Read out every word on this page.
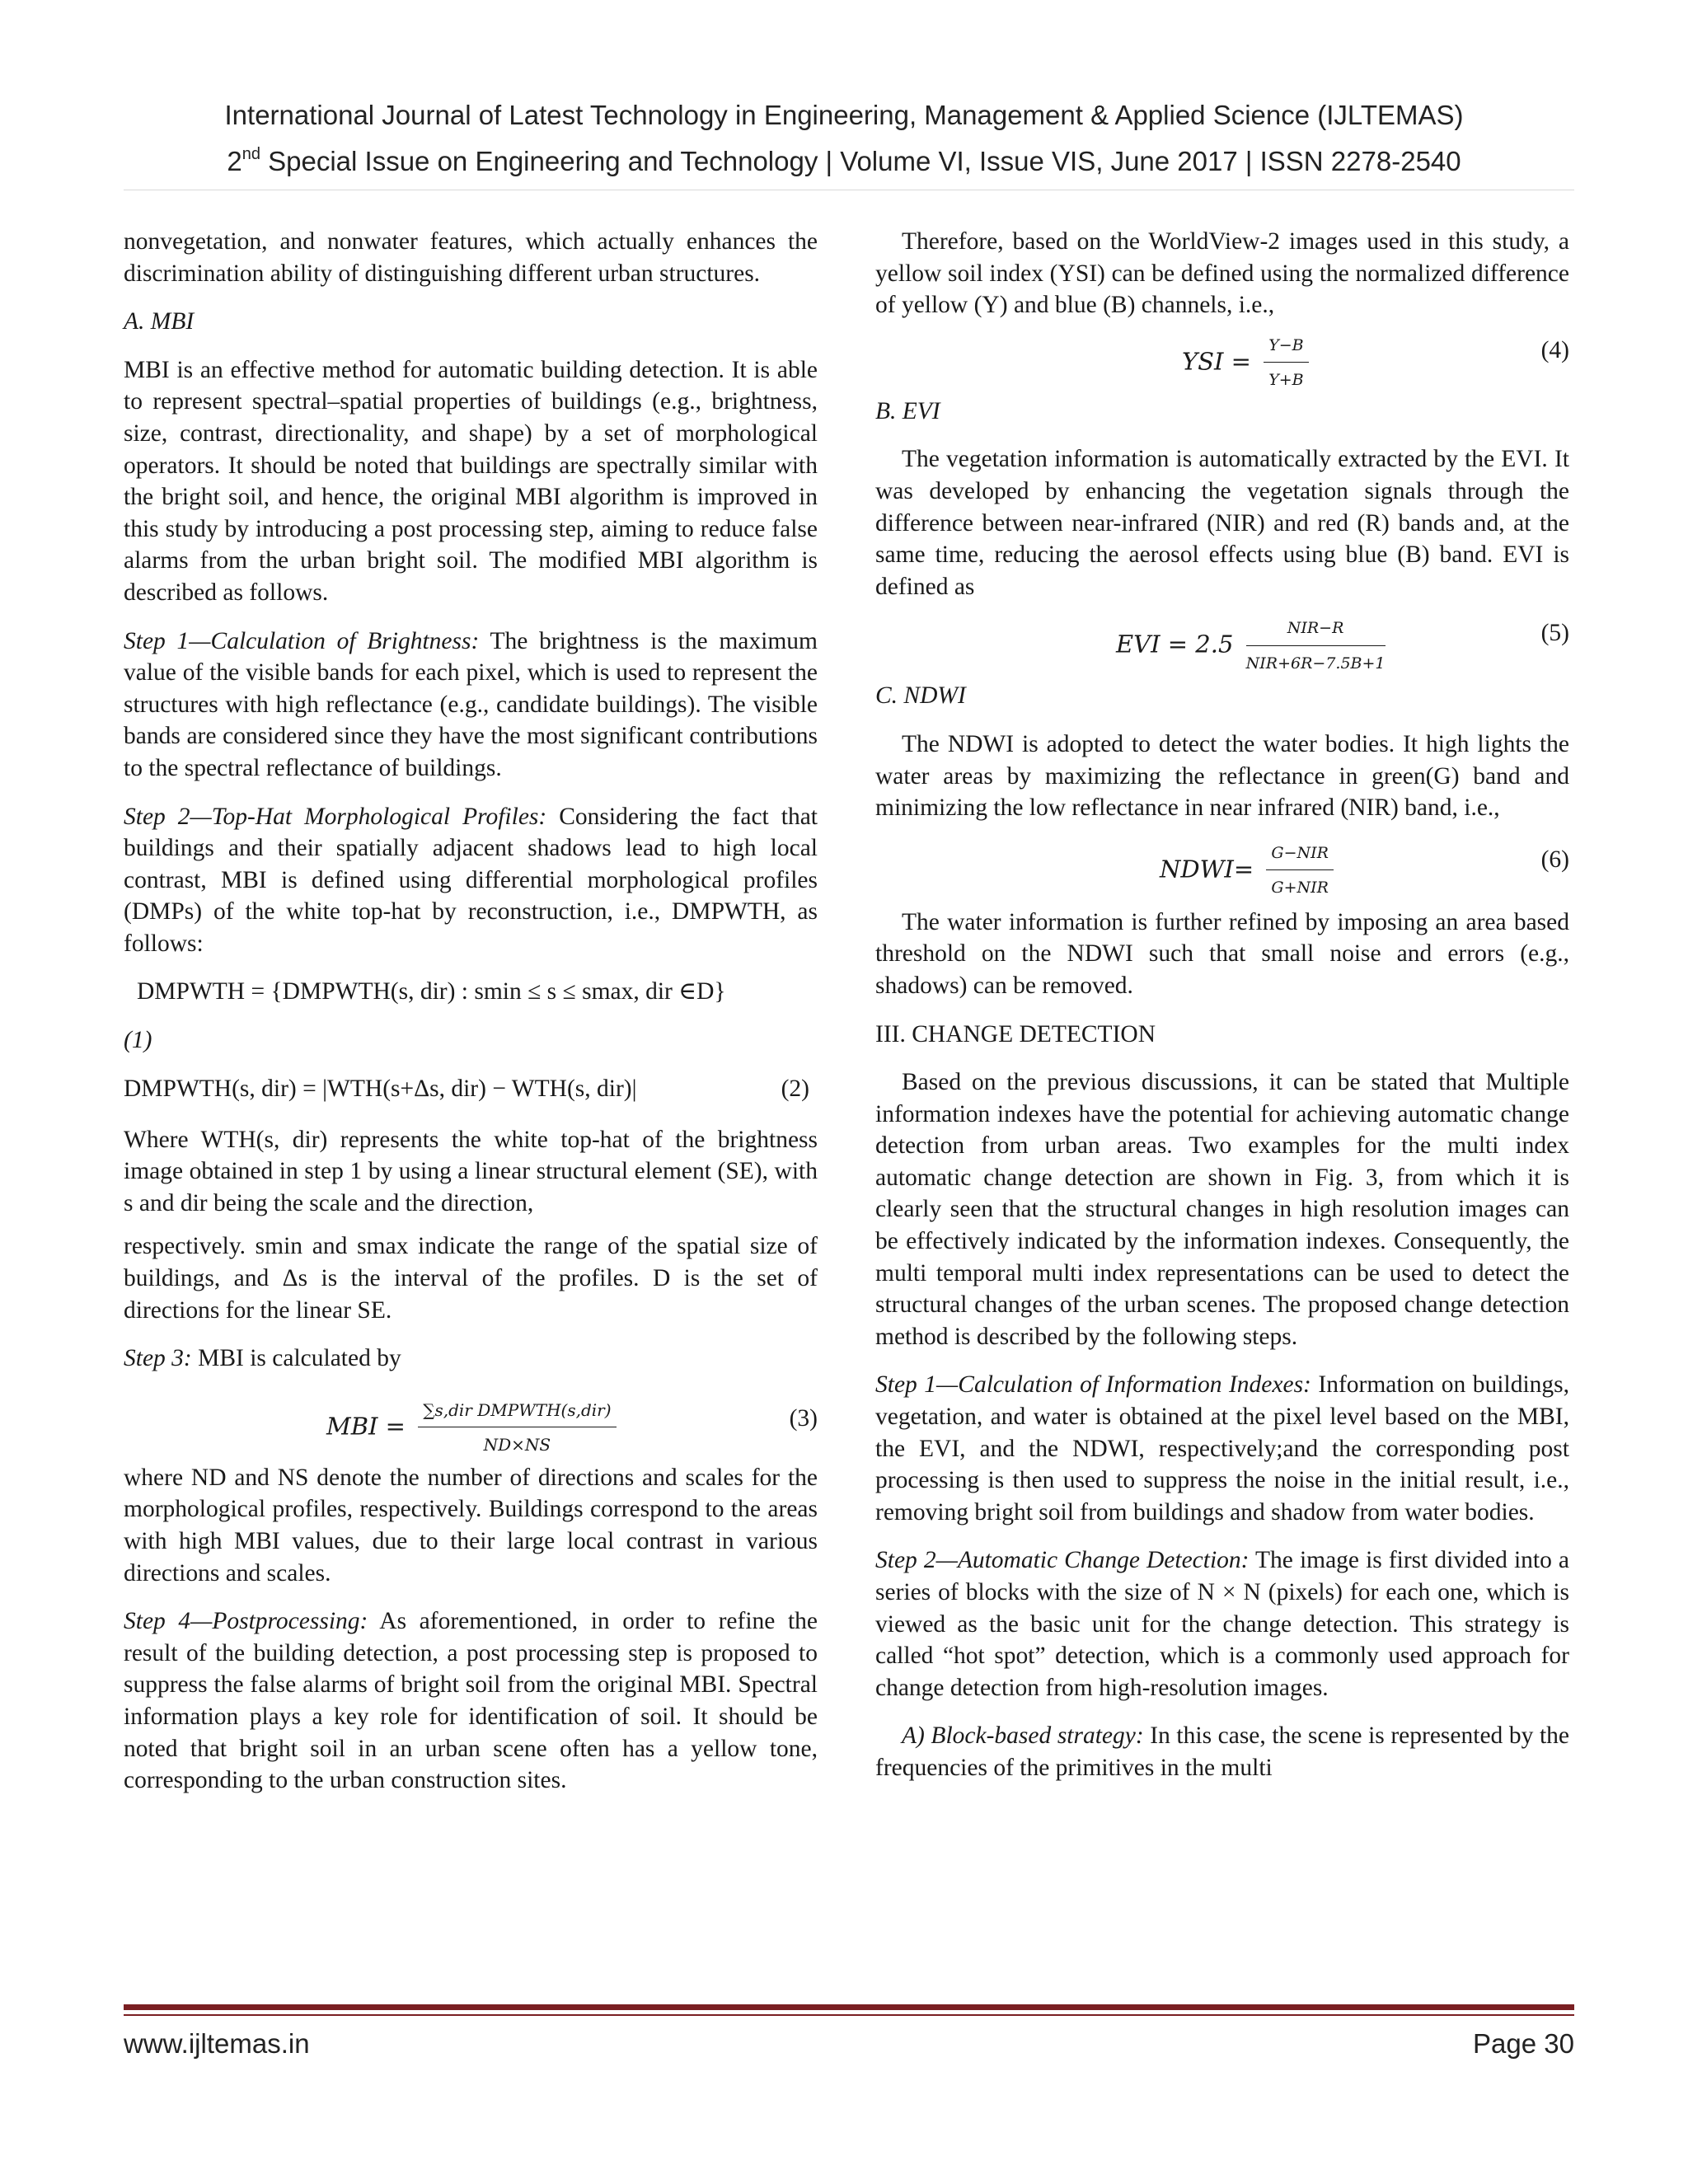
International Journal of Latest Technology in Engineering, Management & Applied Science (IJLTEMAS)
2nd Special Issue on Engineering and Technology | Volume VI, Issue VIS, June 2017 | ISSN 2278-2540

nonvegetation, and nonwater features, which actually enhances the discrimination ability of distinguishing different urban structures.

A. MBI

MBI is an effective method for automatic building detection. It is able to represent spectral–spatial properties of buildings (e.g., brightness, size, contrast, directionality, and shape) by a set of morphological operators. It should be noted that buildings are spectrally similar with the bright soil, and hence, the original MBI algorithm is improved in this study by introducing a post processing step, aiming to reduce false alarms from the urban bright soil. The modified MBI algorithm is described as follows.

Step 1—Calculation of Brightness: The brightness is the maximum value of the visible bands for each pixel, which is used to represent the structures with high reflectance (e.g., candidate buildings). The visible bands are considered since they have the most significant contributions to the spectral reflectance of buildings.

Step 2—Top-Hat Morphological Profiles: Considering the fact that buildings and their spatially adjacent shadows lead to high local contrast, MBI is defined using differential morphological profiles (DMPs) of the white top-hat by reconstruction, i.e., DMPWTH, as follows:

DMPWTH = {DMPWTH(s, dir) : smin ≤ s ≤ smax, dir ∈D}

(1)

DMPWTH(s, dir) = |WTH(s+Δs, dir) − WTH(s, dir)|	(2)

Where WTH(s, dir) represents the white top-hat of the brightness image obtained in step 1 by using a linear structural element (SE), with s and dir being the scale and the direction,

respectively. smin and smax indicate the range of the spatial size of buildings, and Δs is the interval of the profiles. D is the set of directions for the linear SE.

Step 3: MBI is calculated by

MBI = $\frac{\text{∑s,dir DMPWTH(s,dir)}}{ND\times NS}$	(3)

where ND and NS denote the number of directions and scales for the morphological profiles, respectively. Buildings correspond to the areas with high MBI values, due to their large local contrast in various directions and scales.

Step 4—Postprocessing: As aforementioned, in order to refine the result of the building detection, a post processing step is proposed to suppress the false alarms of bright soil from the original MBI. Spectral information plays a key role for identification of soil. It should be noted that bright soil in an urban scene often has a yellow tone, corresponding to the urban construction sites.

Therefore, based on the WorldView-2 images used in this study, a yellow soil index (YSI) can be defined using the normalized difference of yellow (Y) and blue (B) channels, i.e.,

YSI = $\frac{Y-B}{Y+B}$	(4)

B. EVI

The vegetation information is automatically extracted by the EVI. It was developed by enhancing the vegetation signals through the difference between near-infrared (NIR) and red (R) bands and, at the same time, reducing the aerosol effects using blue (B) band. EVI is defined as

EVI = $2.5 \frac{\text{NIR−R}}{\text{NIR+6R−7.5B+1}}$	(5)

C. NDWI

The NDWI is adopted to detect the water bodies. It high lights the water areas by maximizing the reflectance in green(G) band and minimizing the low reflectance in near infrared (NIR) band, i.e.,

NDWI= $\frac{\text{G−NIR}}{\text{G+NIR}}$	(6)

The water information is further refined by imposing an area based threshold on the NDWI such that small noise and errors (e.g., shadows) can be removed.

III. CHANGE DETECTION

Based on the previous discussions, it can be stated that Multiple information indexes have the potential for achieving automatic change detection from urban areas. Two examples for the multi index automatic change detection are shown in Fig. 3, from which it is clearly seen that the structural changes in high resolution images can be effectively indicated by the information indexes. Consequently, the multi temporal multi index representations can be used to detect the structural changes of the urban scenes. The proposed change detection method is described by the following steps.

Step 1—Calculation of Information Indexes: Information on buildings, vegetation, and water is obtained at the pixel level based on the MBI, the EVI, and the NDWI, respectively;and the corresponding post processing is then used to suppress the noise in the initial result, i.e., removing bright soil from buildings and shadow from water bodies.

Step 2—Automatic Change Detection: The image is first divided into a series of blocks with the size of N × N (pixels) for each one, which is viewed as the basic unit for the change detection. This strategy is called “hot spot” detection, which is a commonly used approach for change detection from high-resolution images.

A) Block-based strategy: In this case, the scene is represented by the frequencies of the primitives in the multi

www.ijltemas.in	Page 30
